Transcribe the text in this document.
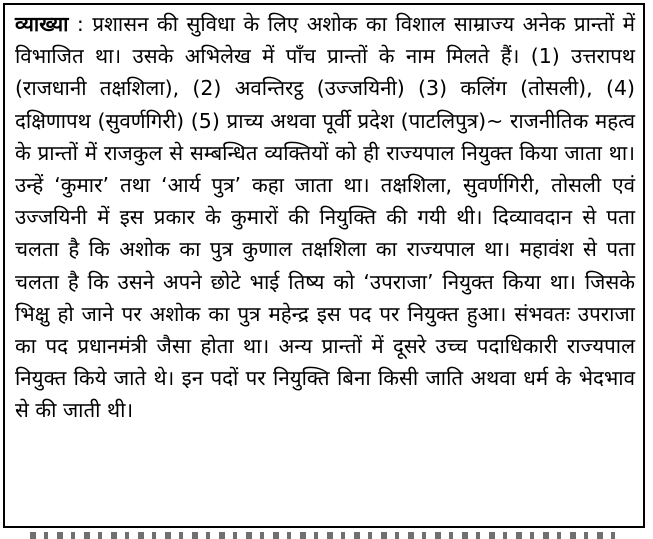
व्याख्या : प्रशासन की सुविधा के लिए अशोक का विशाल साम्राज्य अनेक प्रान्तों में विभाजित था। उसके अभिलेख में पाँच प्रान्तों के नाम मिलते हैं। (1) उत्तरापथ (राजधानी तक्षशिला), (2) अवन्तिरट्ठ (उज्जयिनी) (3) कलिंग (तोसली), (4) दक्षिणापथ (सुवर्णगिरी) (5) प्राच्य अथवा पूर्वी प्रदेश (पाटलिपुत्र)~ राजनीतिक महत्व के प्रान्तों में राजकुल से सम्बन्धित व्यक्तियों को ही राज्यपाल नियुक्त किया जाता था। उन्हें ‘कुमार’ तथा ‘आर्य पुत्र’ कहा जाता था। तक्षशिला, सुवर्णगिरी, तोसली एवं उज्जयिनी में इस प्रकार के कुमारों की नियुक्ति की गयी थी। दिव्यावदान से पता चलता है कि अशोक का पुत्र कुणाल तक्षशिला का राज्यपाल था। महावंश से पता चलता है कि उसने अपने छोटे भाई तिष्य को ‘उपराजा’ नियुक्त किया था। जिसके भिक्षु हो जाने पर अशोक का पुत्र महेन्द्र इस पद पर नियुक्त हुआ। संभवतः उपराजा का पद प्रधानमंत्री जैसा होता था। अन्य प्रान्तों में दूसरे उच्च पदाधिकारी राज्यपाल नियुक्त किये जाते थे। इन पदों पर नियुक्ति बिना किसी जाति अथवा धर्म के भेदभाव से की जाती थी।
